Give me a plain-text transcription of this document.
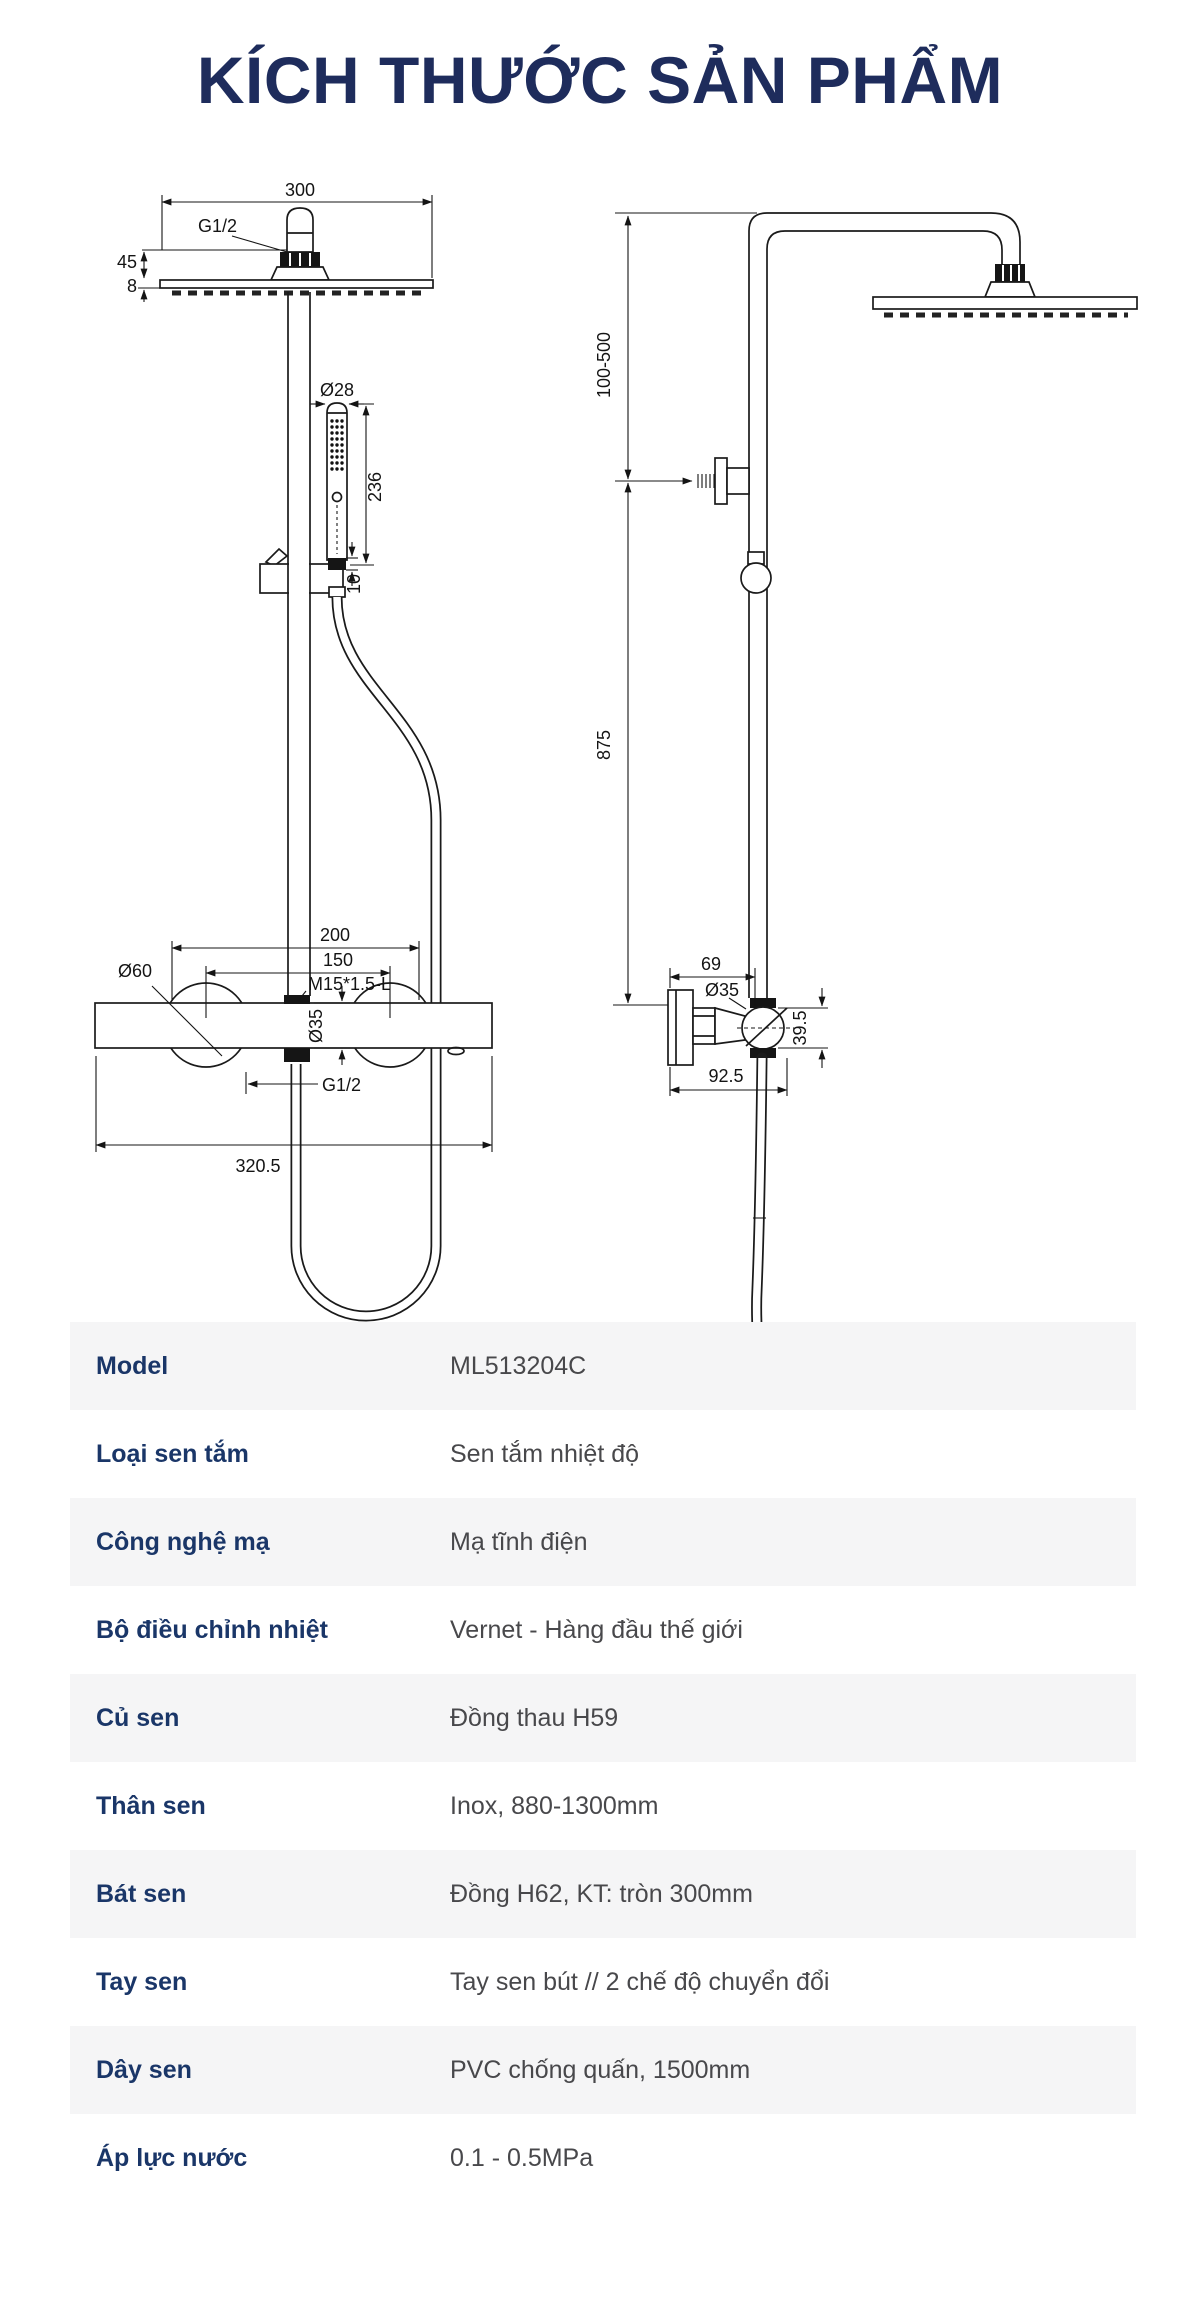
KÍCH THƯỚC SẢN PHẨM
300
G1/2
45
8
Ø28
236
10
200
150
M15*1.5-L
Ø60
Ø35
G1/2
320.5
100-500
875
69
Ø35
39.5
92.5
Model	ML513204C
Loại sen tắm	Sen tắm nhiệt độ
Công nghệ mạ	Mạ tĩnh điện
Bộ điều chỉnh nhiệt	Vernet - Hàng đầu thế giới
Củ sen	Đồng thau H59
Thân sen	Inox, 880-1300mm
Bát sen	Đồng H62, KT: tròn 300mm
Tay sen	Tay sen bút // 2 chế độ chuyển đổi
Dây sen	PVC chống quấn, 1500mm
Áp lực nước	0.1 - 0.5MPa
